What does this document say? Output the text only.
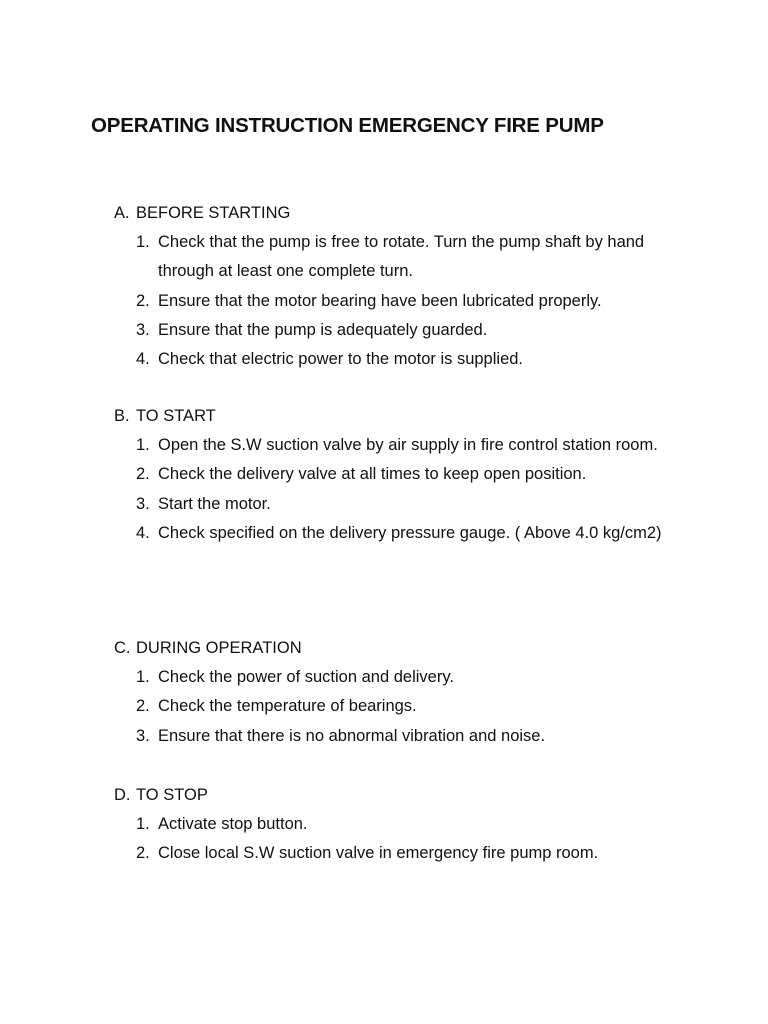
OPERATING INSTRUCTION EMERGENCY FIRE PUMP
A. BEFORE STARTING
1. Check that the pump is free to rotate. Turn the pump shaft by hand through at least one complete turn.
2. Ensure that the motor bearing have been lubricated properly.
3. Ensure that the pump is adequately guarded.
4. Check that electric power to the motor is supplied.
B. TO START
1. Open the S.W suction valve by air supply in fire control station room.
2. Check the delivery valve at all times to keep open position.
3. Start the motor.
4. Check specified on the delivery pressure gauge. ( Above 4.0 kg/cm2)
C. DURING OPERATION
1. Check the power of suction and delivery.
2. Check the temperature of bearings.
3. Ensure that there is no abnormal vibration and noise.
D. TO STOP
1. Activate stop button.
2. Close local S.W suction valve in emergency fire pump room.
